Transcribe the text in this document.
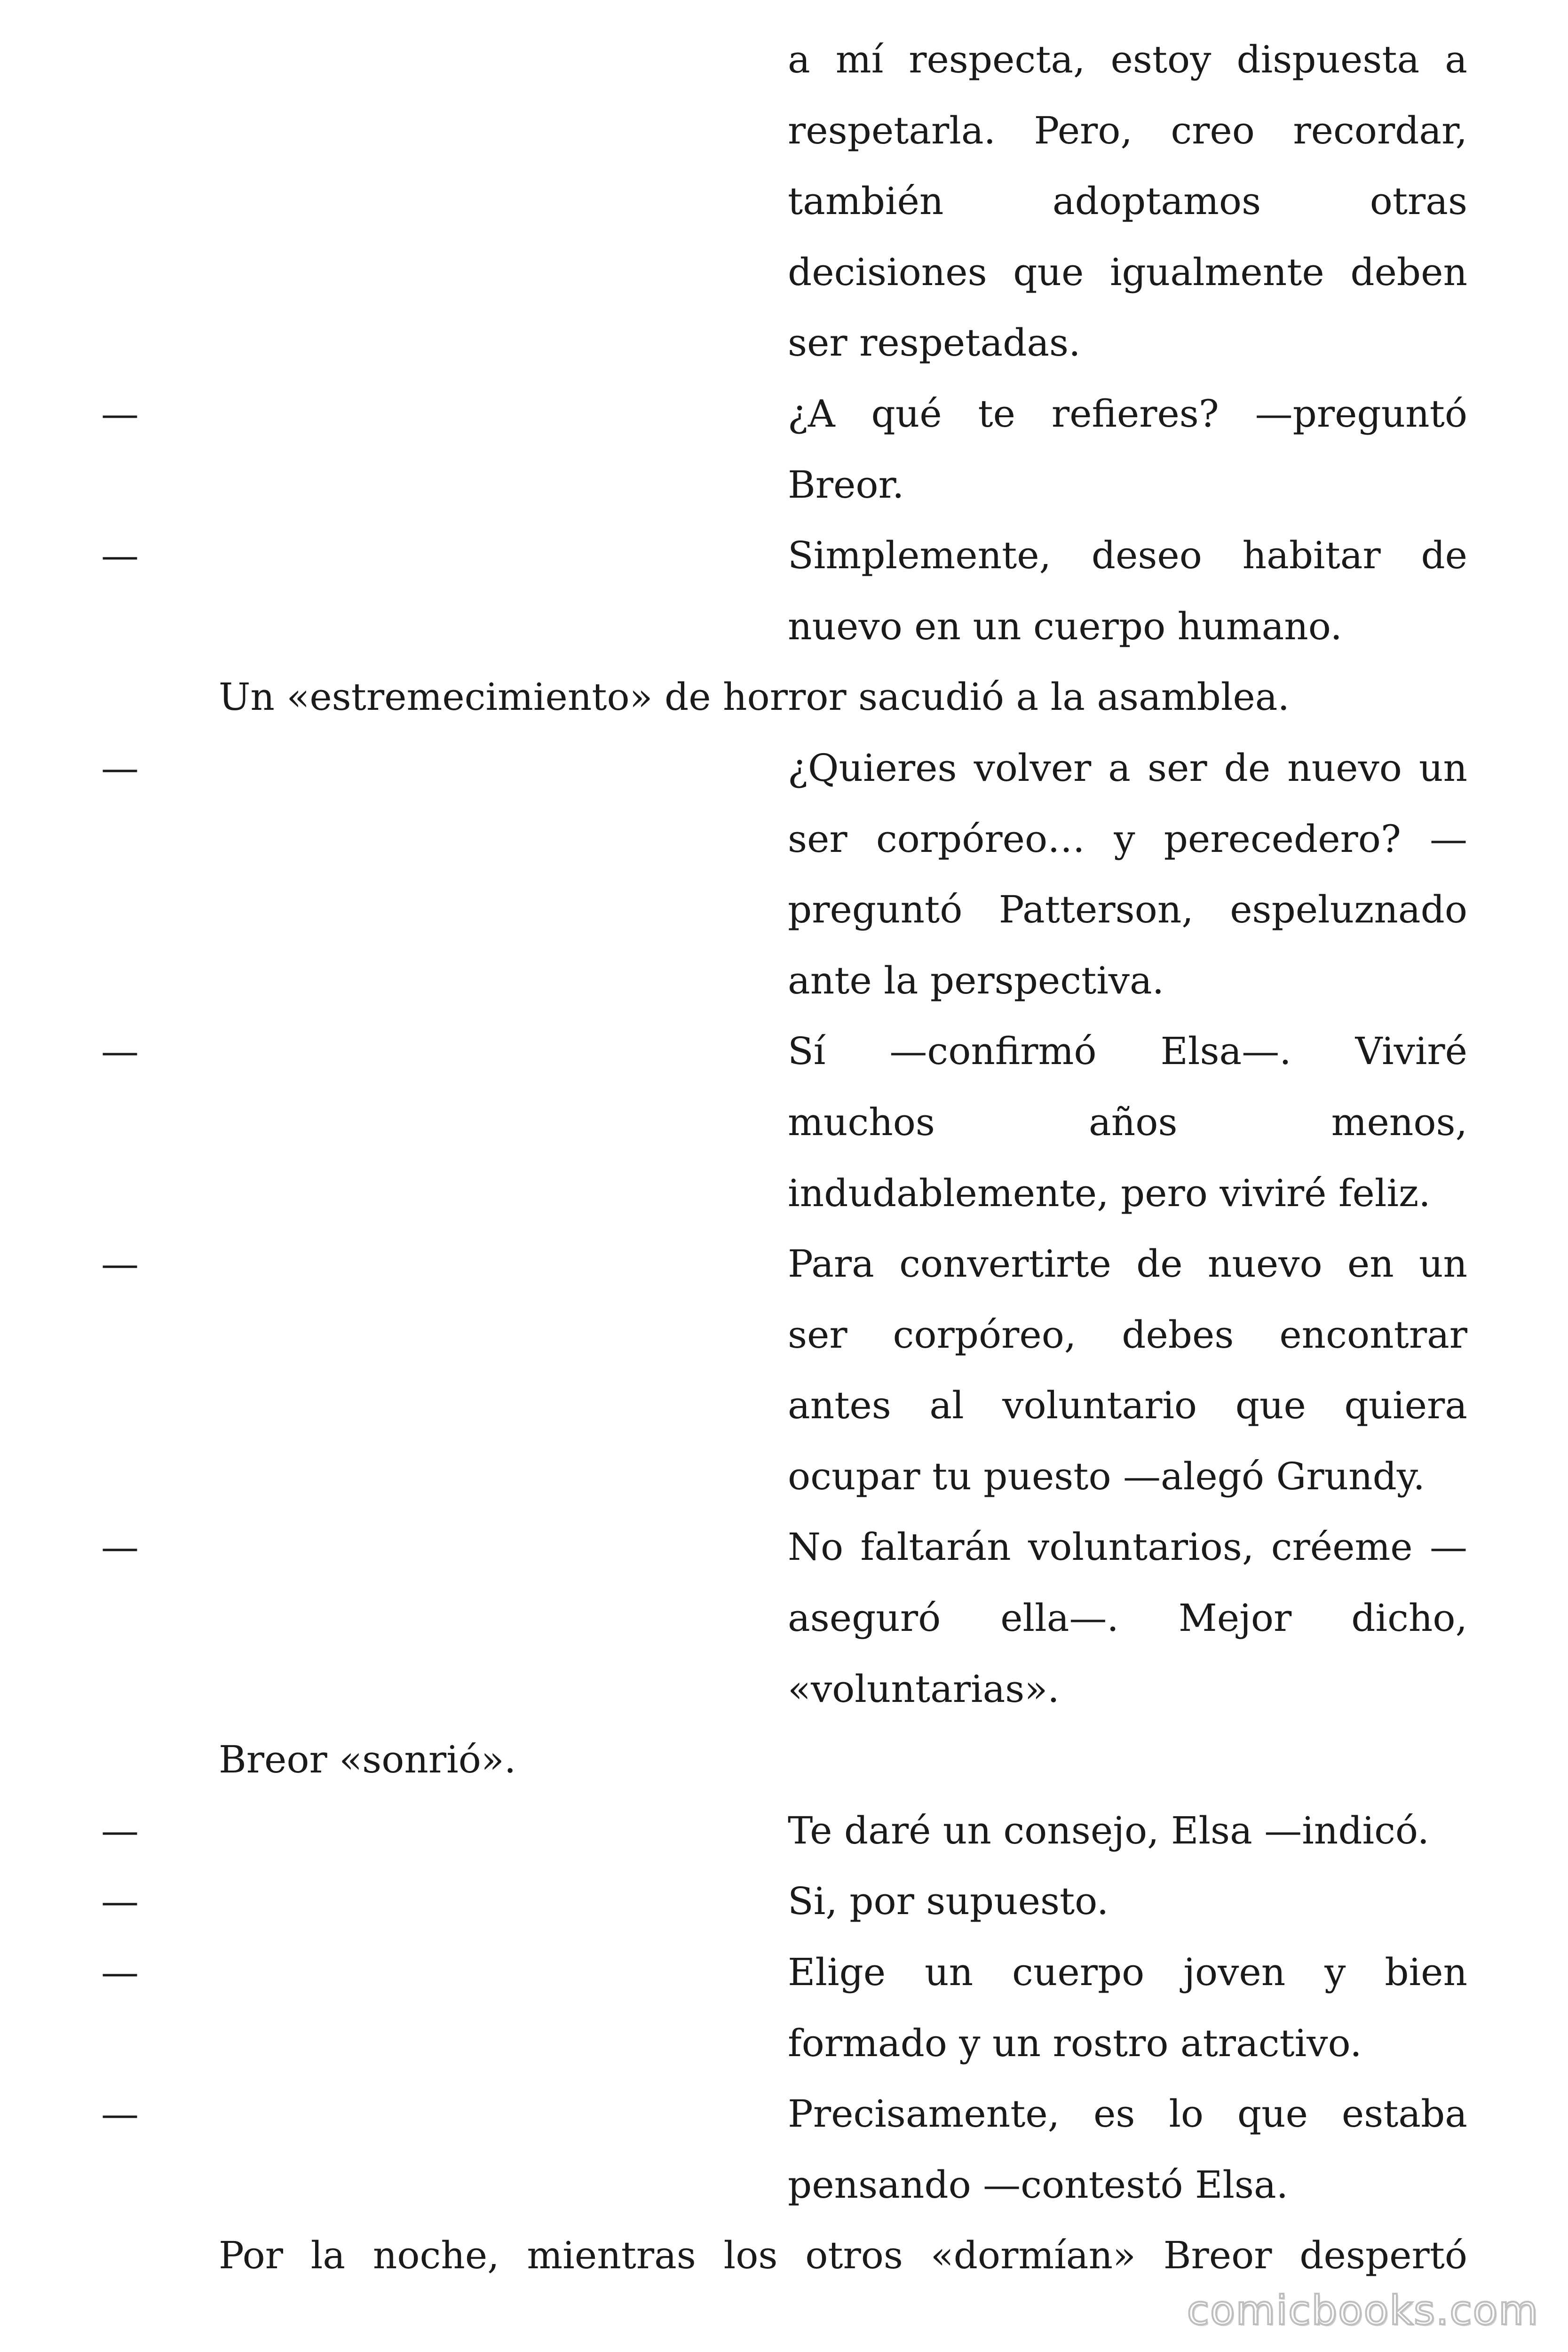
a mí respecta, estoy dispuesta a respetarla. Pero, creo recordar, también adoptamos otras decisiones que igualmente deben ser respetadas.
—	¿A qué te refieres? —preguntó Breor.
—	Simplemente, deseo habitar de nuevo en un cuerpo humano.
Un «estremecimiento» de horror sacudió a la asamblea.
—	¿Quieres volver a ser de nuevo un ser corpóreo… y perecedero? —preguntó Patterson, espeluznado ante la perspectiva.
—	Sí —confirmó Elsa—. Viviré muchos años menos, indudablemente, pero viviré feliz.
—	Para convertirte de nuevo en un ser corpóreo, debes encontrar antes al voluntario que quiera ocupar tu puesto —alegó Grundy.
—	No faltarán voluntarios, créeme —aseguró ella—. Mejor dicho, «voluntarias».
Breor «sonrió».
—	Te daré un consejo, Elsa —indicó.
—	Si, por supuesto.
—	Elige un cuerpo joven y bien formado y un rostro atractivo.
—	Precisamente, es lo que estaba pensando —contestó Elsa.
Por la noche, mientras los otros «dormían» Breor despertó
comicbooks.com
